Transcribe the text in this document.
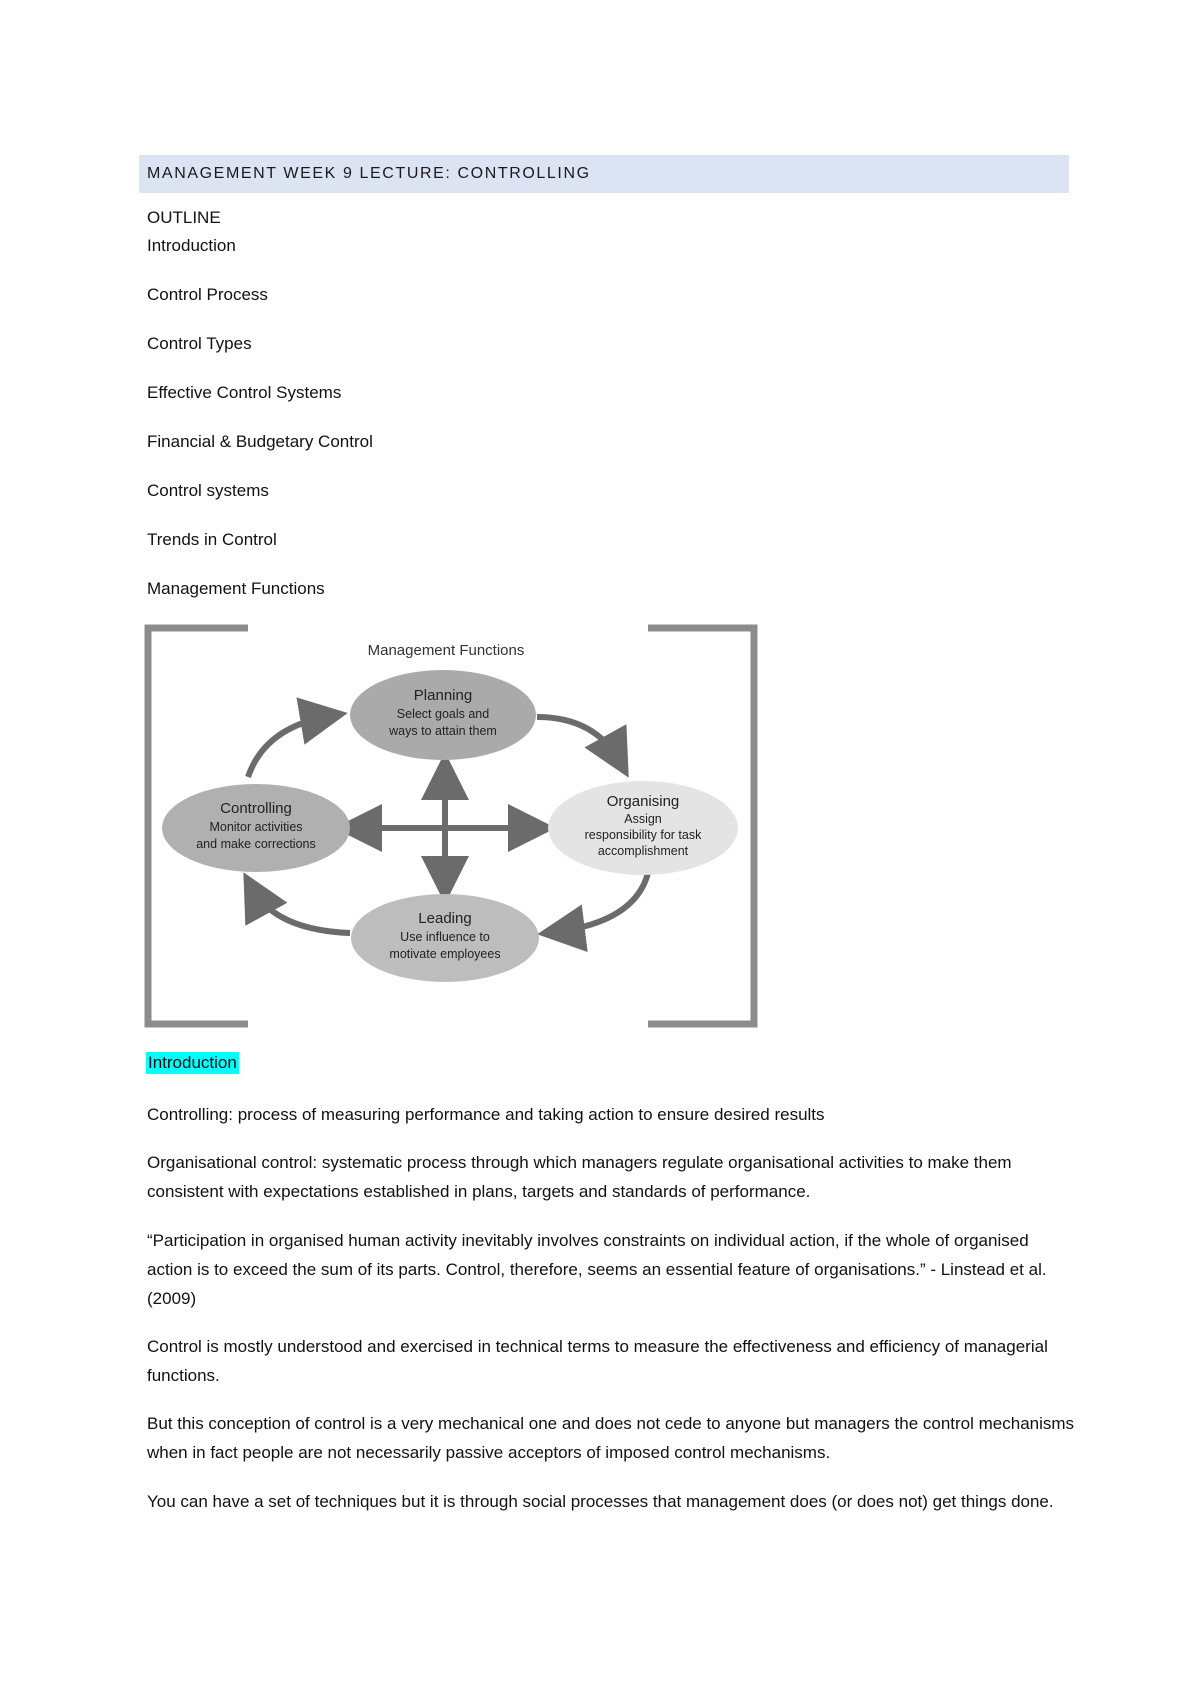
MANAGEMENT WEEK 9 LECTURE: CONTROLLING
OUTLINE
Introduction
Control Process
Control Types
Effective Control Systems
Financial & Budgetary Control
Control systems
Trends in Control
Management Functions
Management Functions
Planning
Select goals and
ways to attain them
Controlling
Monitor activities
and make corrections
Organising
Assign
responsibility for task
accomplishment
Leading
Use influence to
motivate employees
Introduction
Controlling: process of measuring performance and taking action to ensure desired results
Organisational control: systematic process through which managers regulate organisational activities to make them consistent with expectations established in plans, targets and standards of performance.
“Participation in organised human activity inevitably involves constraints on individual action, if the whole of organised action is to exceed the sum of its parts. Control, therefore, seems an essential feature of organisations.” - Linstead et al. (2009)
Control is mostly understood and exercised in technical terms to measure the effectiveness and efficiency of managerial functions.
But this conception of control is a very mechanical one and does not cede to anyone but managers the control mechanisms when in fact people are not necessarily passive acceptors of imposed control mechanisms.
You can have a set of techniques but it is through social processes that management does (or does not) get things done.
